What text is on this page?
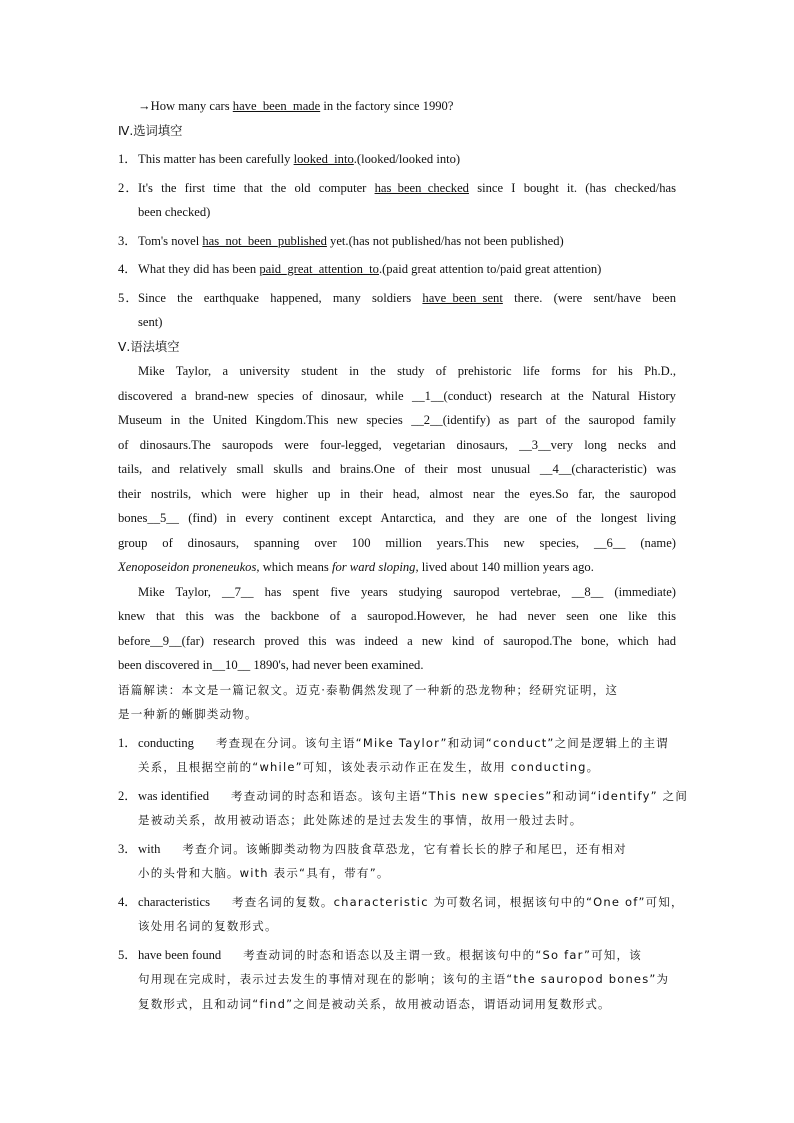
→How many cars have_been_made in the factory since 1990?
Ⅳ.选词填空
1．This matter has been carefully looked_into.(looked/looked into)
2．It's the first time that the old computer has_been_checked since I bought it. (has checked/has
been checked)
3．Tom's novel has_not_been_published yet.(has not published/has not been published)
4．What they did has been paid_great_attention_to.(paid great attention to/paid great attention)
5．Since the earthquake happened, many soldiers have_been_sent there. (were sent/have been
sent)
Ⅴ.语法填空
Mike Taylor, a university student in the study of prehistoric life forms for his Ph.D.,
discovered a brand-new species of dinosaur, while __1__(conduct) research at the Natural History
Museum in the United Kingdom.This new species __2__(identify) as part of the sauropod family
of dinosaurs.The sauropods were four-legged, vegetarian dinosaurs, __3__very long necks and
tails, and relatively small skulls and brains.One of their most unusual __4__(characteristic) was
their nostrils, which were higher up in their head, almost near the eyes.So far, the sauropod
bones__5__ (find) in every continent except Antarctica, and they are one of the longest living
group of dinosaurs, spanning over 100 million years.This new species, __6__ (name)
Xenoposeidon proneneukos, which means for ward sloping, lived about 140 million years ago.
Mike Taylor, __7__ has spent five years studying sauropod vertebrae, __8__ (immediate)
knew that this was the backbone of a sauropod.However, he had never seen one like this
before__9__(far) research proved this was indeed a new kind of sauropod.The bone, which had
been discovered in__10__ 1890's, had never been examined.
语篇解读：本文是一篇记叙文。迈克·泰勒偶然发现了一种新的恐龙物种；经研究证明，这
是一种新的蜥脚类动物。
1．conducting 考查现在分词。该句主语“Mike Taylor”和动词“conduct”之间是逻辑上的主谓
关系，且根据空前的“while”可知，该处表示动作正在发生，故用 conducting。
2．was identified 考查动词的时态和语态。该句主语“This new species”和动词“identify” 之间
是被动关系，故用被动语态；此处陈述的是过去发生的事情，故用一般过去时。
3．with 考查介词。该蜥脚类动物为四肢食草恐龙，它有着长长的脖子和尾巴，还有相对
小的头骨和大脑。with 表示“具有，带有”。
4．characteristics 考查名词的复数。characteristic 为可数名词，根据该句中的“One of”可知，
该处用名词的复数形式。
5．have been found 考查动词的时态和语态以及主谓一致。根据该句中的“So far”可知，该
句用现在完成时，表示过去发生的事情对现在的影响；该句的主语“the sauropod bones”为
复数形式，且和动词“find”之间是被动关系，故用被动语态，谓语动词用复数形式。
